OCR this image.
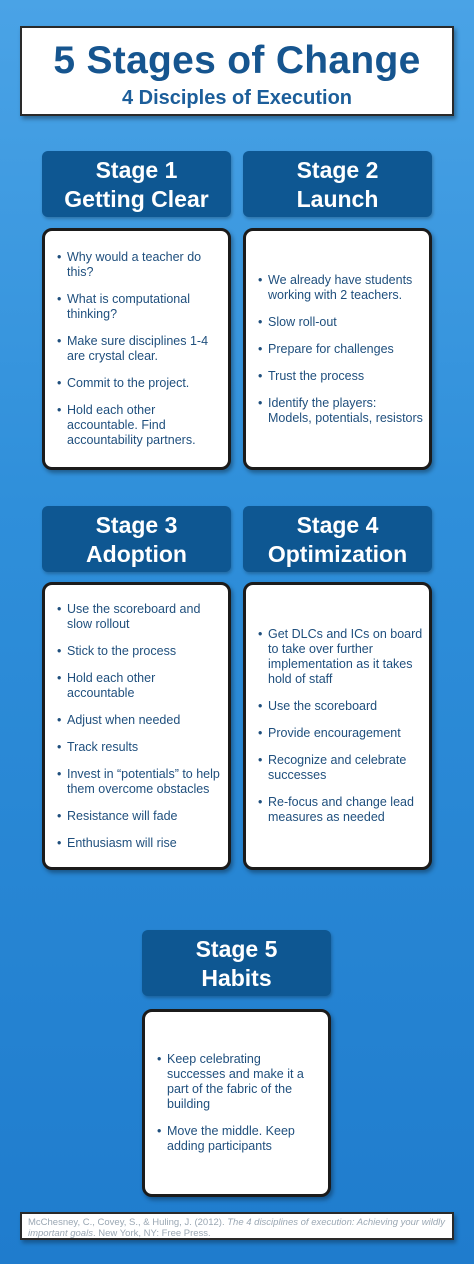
5 Stages of Change
4 Disciples of Execution
Stage 1
Getting Clear
• Why would a teacher do this?
• What is computational thinking?
• Make sure disciplines 1-4 are crystal clear.
• Commit to the project.
• Hold each other accountable. Find accountability partners.
Stage 2
Launch
• We already have students working with 2 teachers.
• Slow roll-out
• Prepare for challenges
• Trust the process
• Identify the players: Models, potentials, resistors
Stage 3
Adoption
• Use the scoreboard and slow rollout
• Stick to the process
• Hold each other accountable
• Adjust when needed
• Track results
• Invest in “potentials” to help them overcome obstacles
• Resistance will fade
• Enthusiasm will rise
Stage 4
Optimization
• Get DLCs and ICs on board to take over further implementation as it takes hold of staff
• Use the scoreboard
• Provide encouragement
• Recognize and celebrate successes
• Re-focus and change lead measures as needed
Stage 5
Habits
• Keep celebrating successes and make it a part of the fabric of the building
• Move the middle. Keep adding participants
McChesney, C., Covey, S., & Huling, J. (2012). The 4 disciplines of execution: Achieving your wildly important goals. New York, NY: Free Press.
